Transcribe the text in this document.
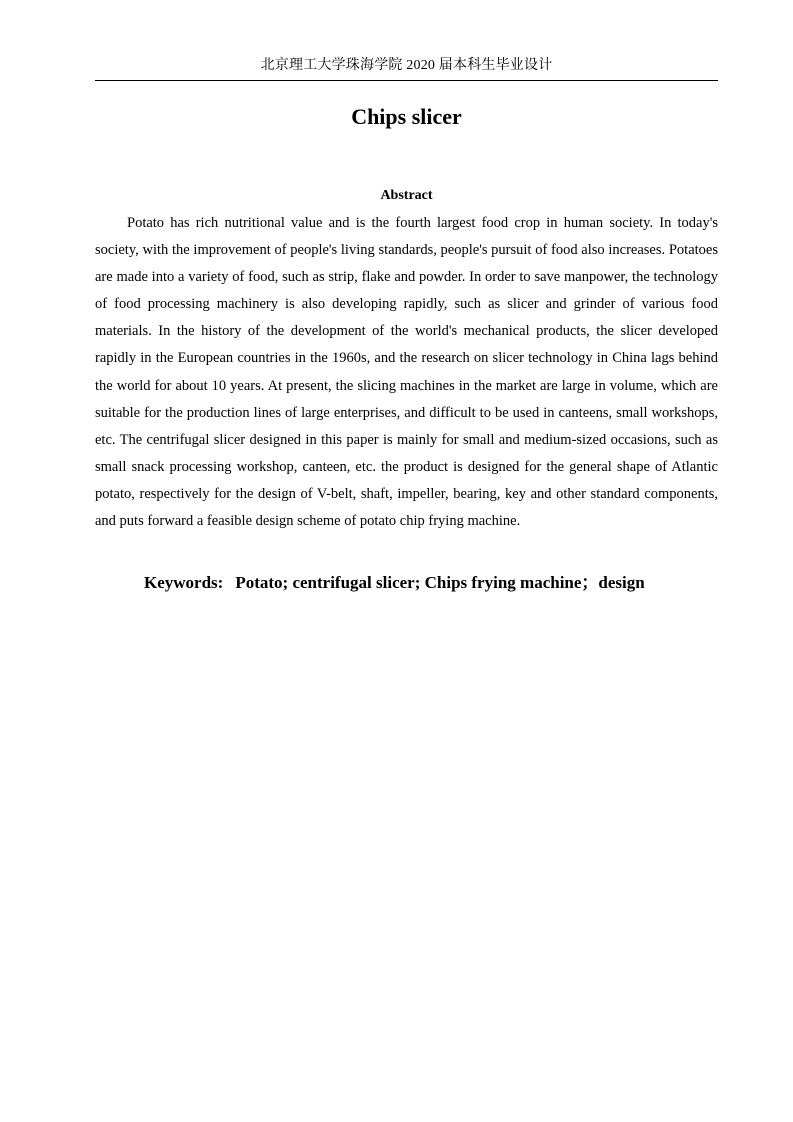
北京理工大学珠海学院 2020 届本科生毕业设计
Chips slicer
Abstract

Potato has rich nutritional value and is the fourth largest food crop in human society. In today's society, with the improvement of people's living standards, people's pursuit of food also increases. Potatoes are made into a variety of food, such as strip, flake and powder. In order to save manpower, the technology of food processing machinery is also developing rapidly, such as slicer and grinder of various food materials. In the history of the development of the world's mechanical products, the slicer developed rapidly in the European countries in the 1960s, and the research on slicer technology in China lags behind the world for about 10 years. At present, the slicing machines in the market are large in volume, which are suitable for the production lines of large enterprises, and difficult to be used in canteens, small workshops, etc. The centrifugal slicer designed in this paper is mainly for small and medium-sized occasions, such as small snack processing workshop, canteen, etc. the product is designed for the general shape of Atlantic potato, respectively for the design of V-belt, shaft, impeller, bearing, key and other standard components, and puts forward a feasible design scheme of potato chip frying machine.

Keywords: Potato; centrifugal slicer; Chips frying machine；design
